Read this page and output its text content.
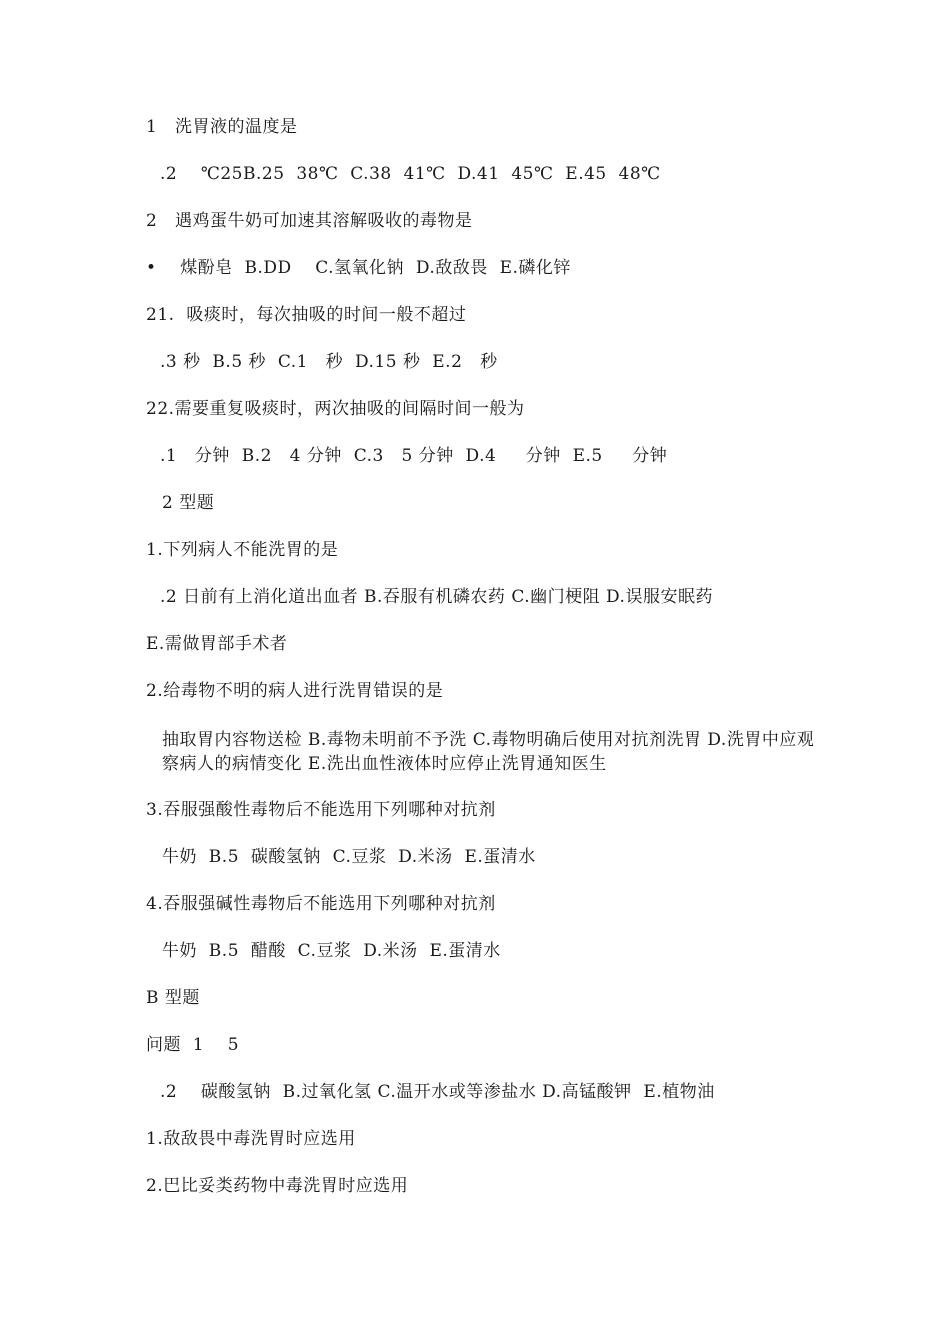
1   洗胃液的温度是
.2    ℃25B.25  38℃  C.38  41℃  D.41  45℃  E.45  48℃
2   遇鸡蛋牛奶可加速其溶解吸收的毒物是
•    煤酚皂  B.DD    C.氢氧化钠  D.敌敌畏  E.磷化锌
21.  吸痰时，每次抽吸的时间一般不超过
.3 秒  B.5 秒  C.1   秒  D.15 秒  E.2   秒
22.需要重复吸痰时，两次抽吸的间隔时间一般为
.1   分钟  B.2   4 分钟  C.3   5 分钟  D.4     分钟  E.5     分钟
2 型题
1.下列病人不能洗胃的是
.2 日前有上消化道出血者 B.吞服有机磷农药 C.幽门梗阻 D.误服安眠药
E.需做胃部手术者
2.给毒物不明的病人进行洗胃错误的是
抽取胃内容物送检 B.毒物未明前不予洗 C.毒物明确后使用对抗剂洗胃 D.洗胃中应观察病人的病情变化 E.洗出血性液体时应停止洗胃通知医生
3.吞服强酸性毒物后不能选用下列哪种对抗剂
牛奶  B.5  碳酸氢钠  C.豆浆  D.米汤  E.蛋清水
4.吞服强碱性毒物后不能选用下列哪种对抗剂
牛奶  B.5  醋酸  C.豆浆  D.米汤  E.蛋清水
B 型题
问题  1    5
.2    碳酸氢钠  B.过氧化氢 C.温开水或等渗盐水 D.高锰酸钾  E.植物油
1.敌敌畏中毒洗胃时应选用
2.巴比妥类药物中毒洗胃时应选用
